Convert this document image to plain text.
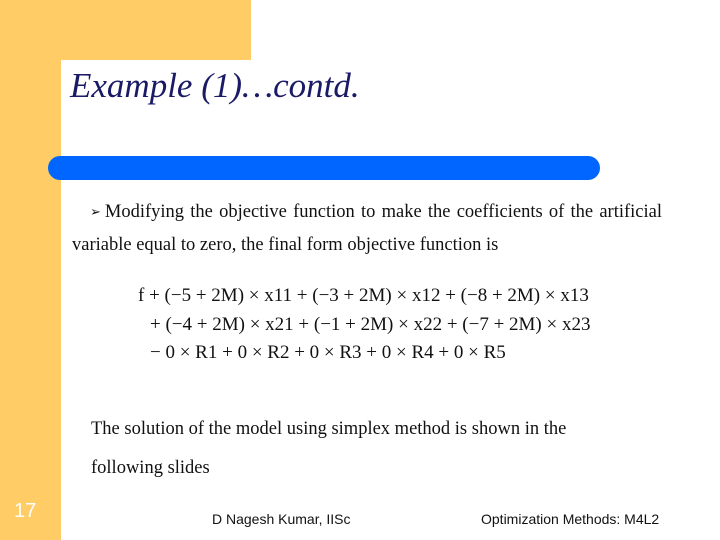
Example (1)…contd.
➢ Modifying the objective function to make the coefficients of the artificial variable equal to zero, the final form objective function is
f + (−5 + 2M) × x11 + (−3 + 2M) × x12 + (−8 + 2M) × x13
+ (−4 + 2M) × x21 + (−1 + 2M) × x22 + (−7 + 2M) × x23
− 0 × R1 + 0 × R2 + 0 × R3 + 0 × R4 + 0 × R5
The solution of the model using simplex method is shown in the following slides
17	D Nagesh Kumar, IISc	Optimization Methods: M4L2
